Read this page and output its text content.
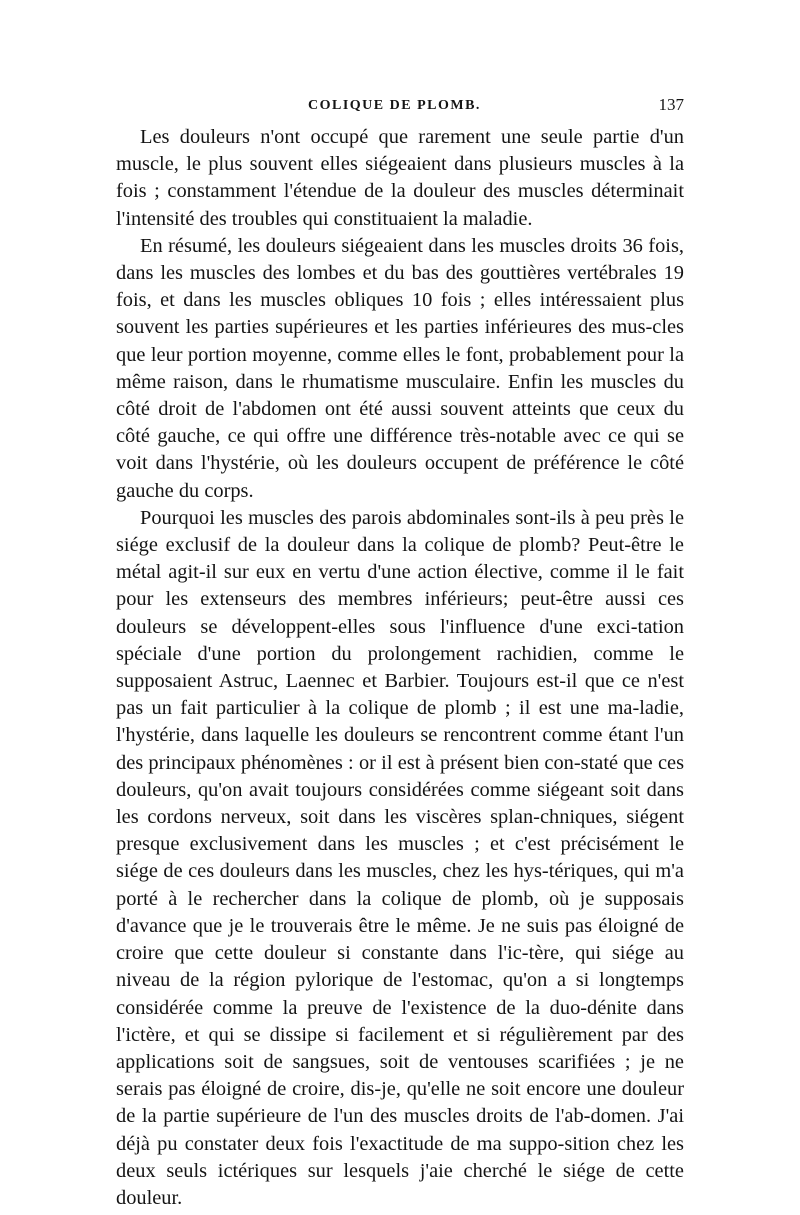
COLIQUE DE PLOMB.	137

Les douleurs n'ont occupé que rarement une seule partie d'un muscle, le plus souvent elles siégeaient dans plusieurs muscles à la fois ; constamment l'étendue de la douleur des muscles déterminait l'intensité des troubles qui constituaient la maladie.

En résumé, les douleurs siégeaient dans les muscles droits 36 fois, dans les muscles des lombes et du bas des gouttières vertébrales 19 fois, et dans les muscles obliques 10 fois ; elles intéressaient plus souvent les parties supérieures et les parties inférieures des mus-cles que leur portion moyenne, comme elles le font, probablement pour la même raison, dans le rhumatisme musculaire. Enfin les muscles du côté droit de l'abdomen ont été aussi souvent atteints que ceux du côté gauche, ce qui offre une différence très-notable avec ce qui se voit dans l'hystérie, où les douleurs occupent de préférence le côté gauche du corps.

Pourquoi les muscles des parois abdominales sont-ils à peu près le siége exclusif de la douleur dans la colique de plomb? Peut-être le métal agit-il sur eux en vertu d'une action élective, comme il le fait pour les extenseurs des membres inférieurs; peut-être aussi ces douleurs se développent-elles sous l'influence d'une exci-tation spéciale d'une portion du prolongement rachidien, comme le supposaient Astruc, Laennec et Barbier. Toujours est-il que ce n'est pas un fait particulier à la colique de plomb ; il est une ma-ladie, l'hystérie, dans laquelle les douleurs se rencontrent comme étant l'un des principaux phénomènes : or il est à présent bien con-staté que ces douleurs, qu'on avait toujours considérées comme siégeant soit dans les cordons nerveux, soit dans les viscères splan-chniques, siégent presque exclusivement dans les muscles ; et c'est précisément le siége de ces douleurs dans les muscles, chez les hys-tériques, qui m'a porté à le rechercher dans la colique de plomb, où je supposais d'avance que je le trouverais être le même. Je ne suis pas éloigné de croire que cette douleur si constante dans l'ic-tère, qui siége au niveau de la région pylorique de l'estomac, qu'on a si longtemps considérée comme la preuve de l'existence de la duo-dénite dans l'ictère, et qui se dissipe si facilement et si régulièrement par des applications soit de sangsues, soit de ventouses scarifiées ; je ne serais pas éloigné de croire, dis-je, qu'elle ne soit encore une douleur de la partie supérieure de l'un des muscles droits de l'ab-domen. J'ai déjà pu constater deux fois l'exactitude de ma suppo-sition chez les deux seuls ictériques sur lesquels j'aie cherché le siége de cette douleur.
